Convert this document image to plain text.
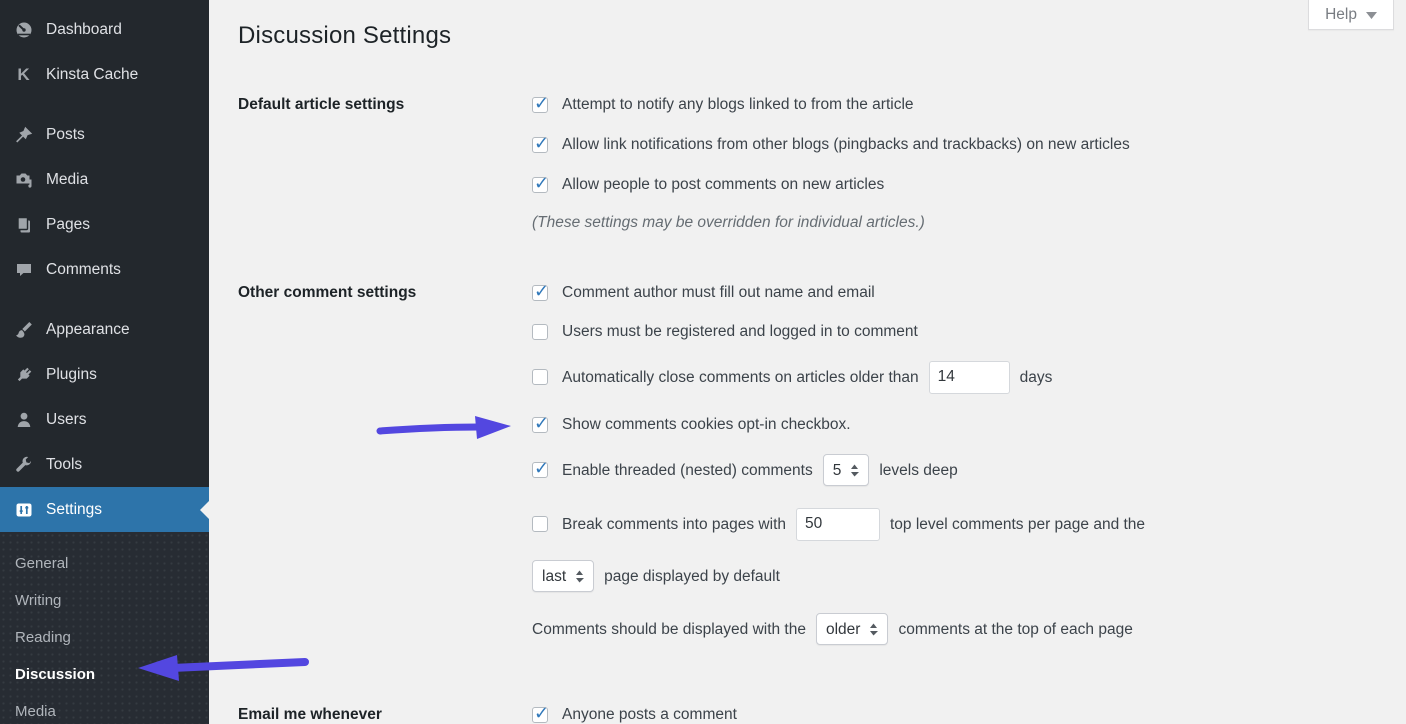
Dashboard
K Kinsta Cache
Posts
Media
Pages
Comments
Appearance
Plugins
Users
Tools
Settings
General
Writing
Reading
Discussion
Media
Help
Discussion Settings
Default article settings ✓	Attempt to notify any blogs linked to from the article
✓
Allow link notifications from other blogs (pingbacks and trackbacks) on new articles
✓
Allow people to post comments on new articles
(These settings may be overridden for individual articles.)
Other comment settings ✓	Comment author must fill out name and email
Users must be registered and logged in to comment
Automatically close comments on articles older than
14	days
✓
Show comments cookies opt-in checkbox.
✓
Enable threaded (nested) comments 5 levels deep
Break comments into pages with
50	top level comments per page and the
last page displayed by default
Comments should be displayed with the older comments at the top of each page
Email me whenever ✓	Anyone posts a comment
